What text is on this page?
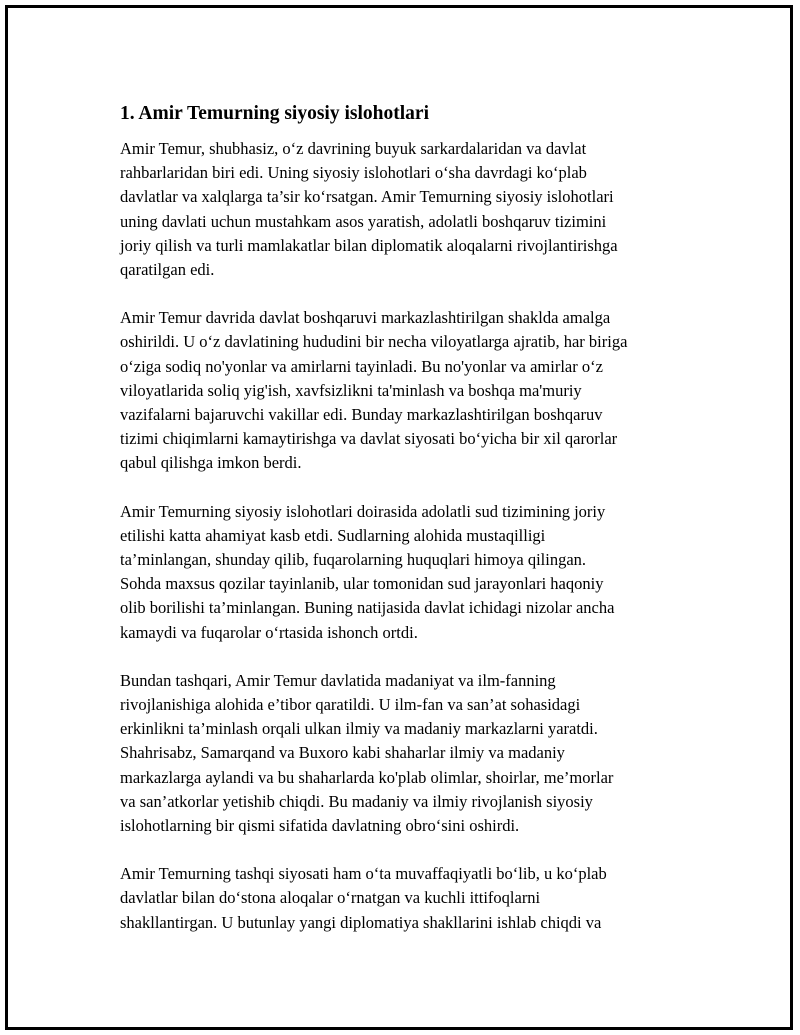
1. Amir Temurning siyosiy islohotlari

Amir Temur, shubhasiz, o‘z davrining buyuk sarkardalaridan va davlat
rahbarlaridan biri edi. Uning siyosiy islohotlari o‘sha davrdagi ko‘plab
davlatlar va xalqlarga ta’sir ko‘rsatgan. Amir Temurning siyosiy islohotlari
uning davlati uchun mustahkam asos yaratish, adolatli boshqaruv tizimini
joriy qilish va turli mamlakatlar bilan diplomatik aloqalarni rivojlantirishga
qaratilgan edi.

Amir Temur davrida davlat boshqaruvi markazlashtirilgan shaklda amalga
oshirildi. U o‘z davlatining hududini bir necha viloyatlarga ajratib, har biriga
o‘ziga sodiq no'yonlar va amirlarni tayinladi. Bu no'yonlar va amirlar o‘z
viloyatlarida soliq yig'ish, xavfsizlikni ta'minlash va boshqa ma'muriy
vazifalarni bajaruvchi vakillar edi. Bunday markazlashtirilgan boshqaruv
tizimi chiqimlarni kamaytirishga va davlat siyosati bo‘yicha bir xil qarorlar
qabul qilishga imkon berdi.

Amir Temurning siyosiy islohotlari doirasida adolatli sud tizimining joriy
etilishi katta ahamiyat kasb etdi. Sudlarning alohida mustaqilligi
ta’minlangan, shunday qilib, fuqarolarning huquqlari himoya qilingan.
Sohda maxsus qozilar tayinlanib, ular tomonidan sud jarayonlari haqoniy
olib borilishi ta’minlangan. Buning natijasida davlat ichidagi nizolar ancha
kamaydi va fuqarolar o‘rtasida ishonch ortdi.

Bundan tashqari, Amir Temur davlatida madaniyat va ilm-fanning
rivojlanishiga alohida e’tibor qaratildi. U ilm-fan va san’at sohasidagi
erkinlikni ta’minlash orqali ulkan ilmiy va madaniy markazlarni yaratdi.
Shahrisabz, Samarqand va Buxoro kabi shaharlar ilmiy va madaniy
markazlarga aylandi va bu shaharlarda ko'plab olimlar, shoirlar, me’morlar
va san’atkorlar yetishib chiqdi. Bu madaniy va ilmiy rivojlanish siyosiy
islohotlarning bir qismi sifatida davlatning obro‘sini oshirdi.

Amir Temurning tashqi siyosati ham o‘ta muvaffaqiyatli bo‘lib, u ko‘plab
davlatlar bilan do‘stona aloqalar o‘rnatgan va kuchli ittifoqlarni
shakllantirgan. U butunlay yangi diplomatiya shakllarini ishlab chiqdi va
